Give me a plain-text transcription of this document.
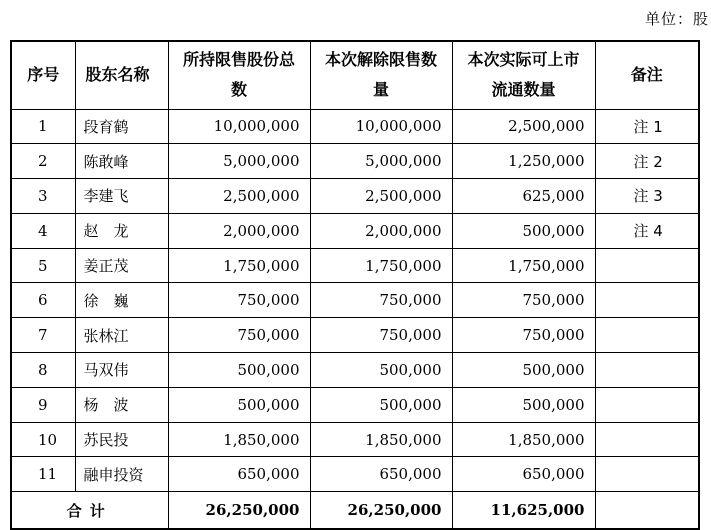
单位：股
序号	股东名称	所持限售股份总数	本次解除限售数量	本次实际可上市流通数量	备注
1	段育鹤	10,000,000	10,000,000	2,500,000	注 1
2	陈敢峰	5,000,000	5,000,000	1,250,000	注 2
3	李建飞	2,500,000	2,500,000	625,000	注 3
4	赵　龙	2,000,000	2,000,000	500,000	注 4
5	姜正茂	1,750,000	1,750,000	1,750,000	
6	徐　巍	750,000	750,000	750,000	
7	张林江	750,000	750,000	750,000	
8	马双伟	500,000	500,000	500,000	
9	杨　波	500,000	500,000	500,000	
10	苏民投	1,850,000	1,850,000	1,850,000	
11	融申投资	650,000	650,000	650,000	
合计		26,250,000	26,250,000	11,625,000	
